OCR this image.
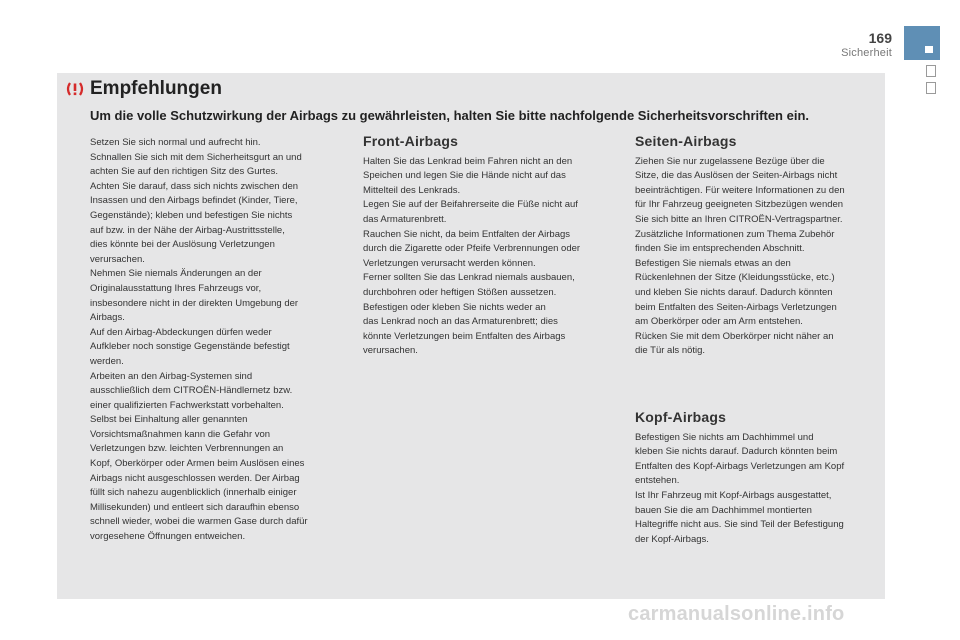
169
Sicherheit
Empfehlungen
Um die volle Schutzwirkung der Airbags zu gewährleisten, halten Sie bitte nachfolgende Sicherheitsvorschriften ein.

Setzen Sie sich normal und aufrecht hin.

Schnallen Sie sich mit dem Sicherheitsgurt an und

achten Sie auf den richtigen Sitz des Gurtes.

Achten Sie darauf, dass sich nichts zwischen den

Insassen und den Airbags befindet (Kinder, Tiere,

Gegenstände); kleben und befestigen Sie nichts

auf bzw. in der Nähe der Airbag-Austrittsstelle,

dies könnte bei der Auslösung Verletzungen

verursachen.

Nehmen Sie niemals Änderungen an der

Originalausstattung Ihres Fahrzeugs vor,

insbesondere nicht in der direkten Umgebung der

Airbags.

Auf den Airbag-Abdeckungen dürfen weder

Aufkleber noch sonstige Gegenstände befestigt

werden.

Arbeiten an den Airbag-Systemen sind

ausschließlich dem CITROËN-Händlernetz bzw.

einer qualifizierten Fachwerkstatt vorbehalten.

Selbst bei Einhaltung aller genannten

Vorsichtsmaßnahmen kann die Gefahr von

Verletzungen bzw. leichten Verbrennungen an

Kopf, Oberkörper oder Armen beim Auslösen eines

Airbags nicht ausgeschlossen werden. Der Airbag

füllt sich nahezu augenblicklich (innerhalb einiger

Millisekunden) und entleert sich daraufhin ebenso

schnell wieder, wobei die warmen Gase durch dafür

vorgesehene Öffnungen entweichen.

Front-Airbags

Halten Sie das Lenkrad beim Fahren nicht an den

Speichen und legen Sie die Hände nicht auf das

Mittelteil des Lenkrads.

Legen Sie auf der Beifahrerseite die Füße nicht auf

das Armaturenbrett.

Rauchen Sie nicht, da beim Entfalten der Airbags

durch die Zigarette oder Pfeife Verbrennungen oder

Verletzungen verursacht werden können.

Ferner sollten Sie das Lenkrad niemals ausbauen,

durchbohren oder heftigen Stößen aussetzen.

Befestigen oder kleben Sie nichts weder an

das Lenkrad noch an das Armaturenbrett; dies

könnte Verletzungen beim Entfalten des Airbags

verursachen.

Seiten-Airbags

Ziehen Sie nur zugelassene Bezüge über die

Sitze, die das Auslösen der Seiten-Airbags nicht

beeinträchtigen. Für weitere Informationen zu den

für Ihr Fahrzeug geeigneten Sitzbezügen wenden

Sie sich bitte an Ihren CITROËN-Vertragspartner.

Zusätzliche Informationen zum Thema Zubehör

finden Sie im entsprechenden Abschnitt.

Befestigen Sie niemals etwas an den

Rückenlehnen der Sitze (Kleidungsstücke, etc.)

und kleben Sie nichts darauf. Dadurch könnten

beim Entfalten des Seiten-Airbags Verletzungen

am Oberkörper oder am Arm entstehen.

Rücken Sie mit dem Oberkörper nicht näher an

die Tür als nötig.

Kopf-Airbags

Befestigen Sie nichts am Dachhimmel und

kleben Sie nichts darauf. Dadurch könnten beim

Entfalten des Kopf-Airbags Verletzungen am Kopf

entstehen.

Ist Ihr Fahrzeug mit Kopf-Airbags ausgestattet,

bauen Sie die am Dachhimmel montierten

Haltegriffe nicht aus. Sie sind Teil der Befestigung

der Kopf-Airbags.

carmanualsonline.info
